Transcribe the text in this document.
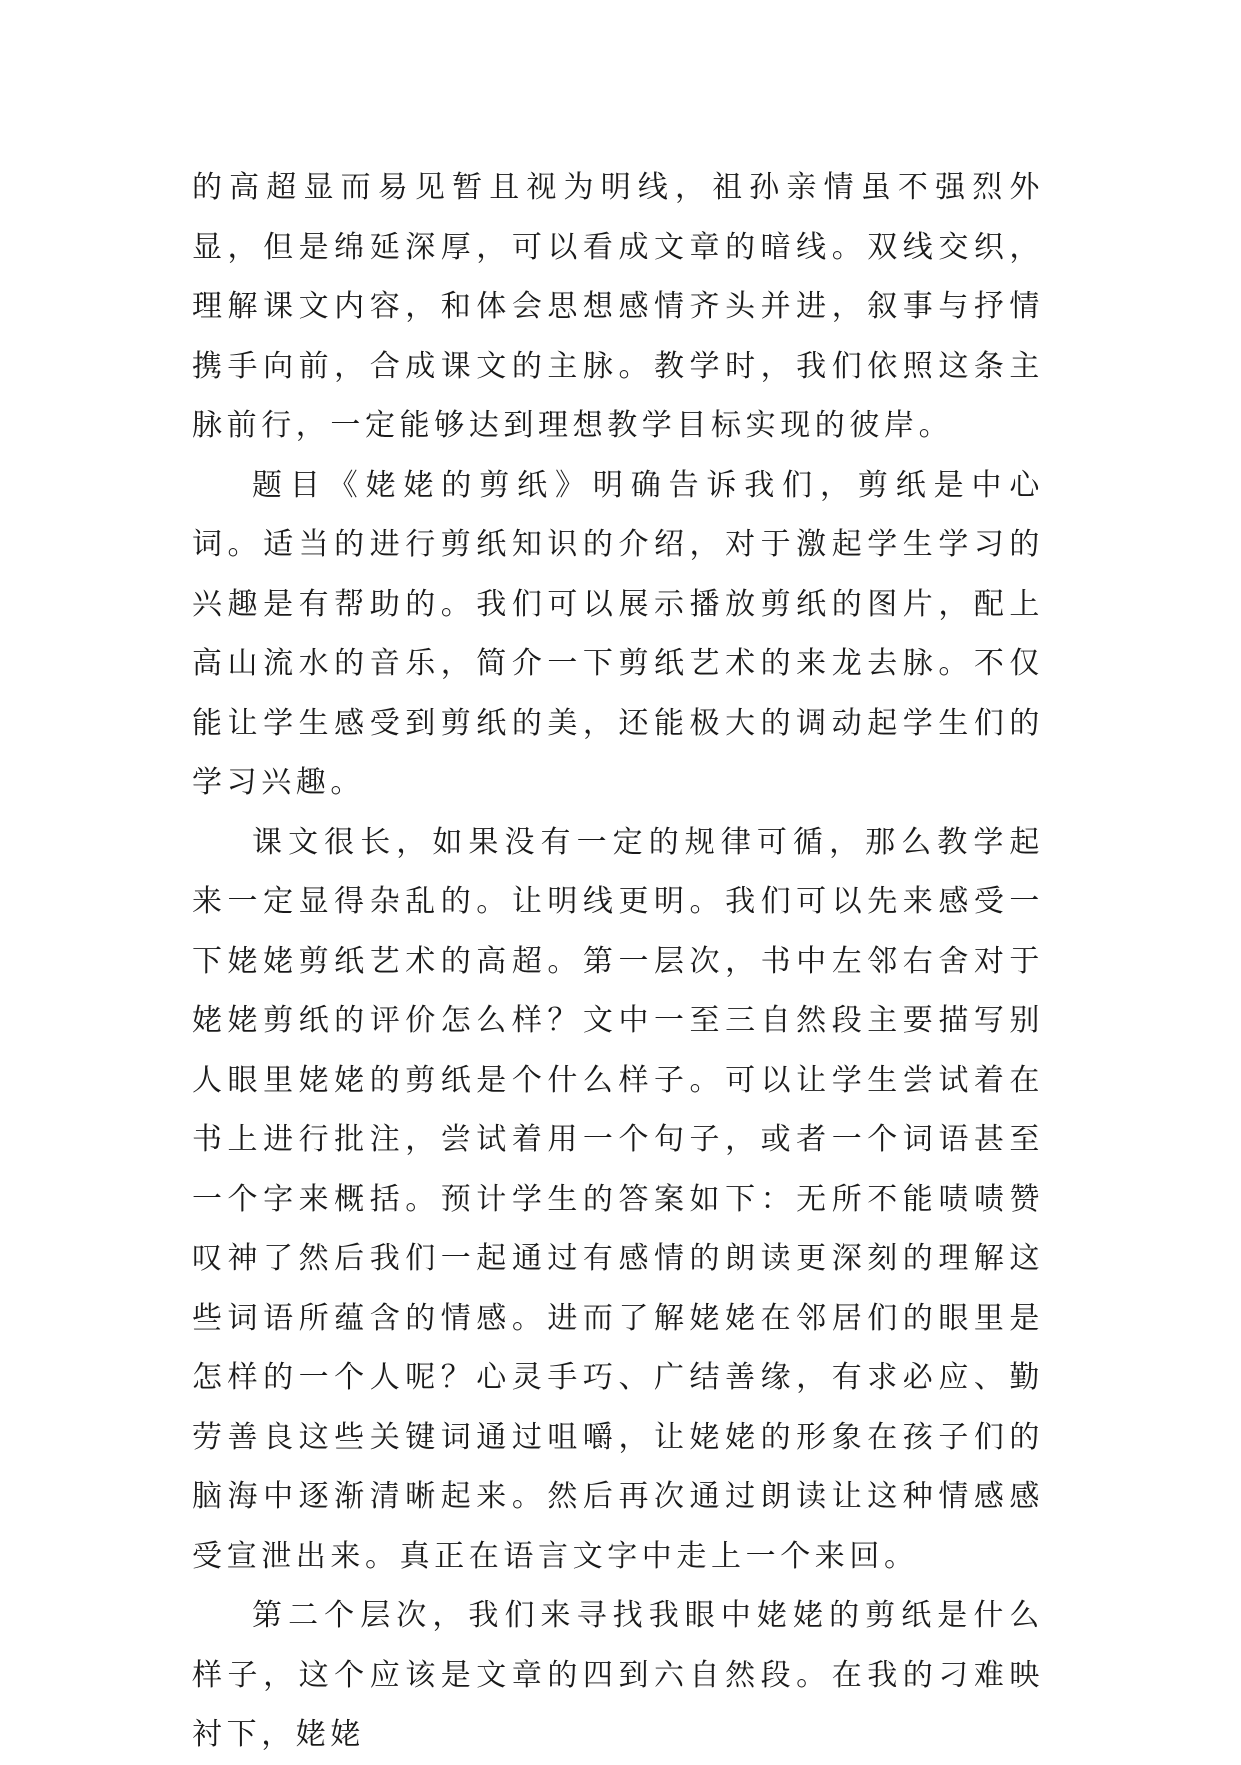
的高超显而易见暂且视为明线，祖孙亲情虽不强烈外显，但是绵延深厚，可以看成文章的暗线。双线交织，理解课文内容，和体会思想感情齐头并进，叙事与抒情携手向前，合成课文的主脉。教学时，我们依照这条主脉前行，一定能够达到理想教学目标实现的彼岸。

题目《姥姥的剪纸》明确告诉我们，剪纸是中心词。适当的进行剪纸知识的介绍，对于激起学生学习的兴趣是有帮助的。我们可以展示播放剪纸的图片，配上高山流水的音乐，简介一下剪纸艺术的来龙去脉。不仅能让学生感受到剪纸的美，还能极大的调动起学生们的学习兴趣。

课文很长，如果没有一定的规律可循，那么教学起来一定显得杂乱的。让明线更明。我们可以先来感受一下姥姥剪纸艺术的高超。第一层次，书中左邻右舍对于姥姥剪纸的评价怎么样？文中一至三自然段主要描写别人眼里姥姥的剪纸是个什么样子。可以让学生尝试着在书上进行批注，尝试着用一个句子，或者一个词语甚至一个字来概括。预计学生的答案如下：无所不能啧啧赞叹神了然后我们一起通过有感情的朗读更深刻的理解这些词语所蕴含的情感。进而了解姥姥在邻居们的眼里是怎样的一个人呢？心灵手巧、广结善缘，有求必应、勤劳善良这些关键词通过咀嚼，让姥姥的形象在孩子们的脑海中逐渐清晰起来。然后再次通过朗读让这种情感感受宣泄出来。真正在语言文字中走上一个来回。

第二个层次，我们来寻找我眼中姥姥的剪纸是什么样子，这个应该是文章的四到六自然段。在我的刁难映衬下，姥姥
